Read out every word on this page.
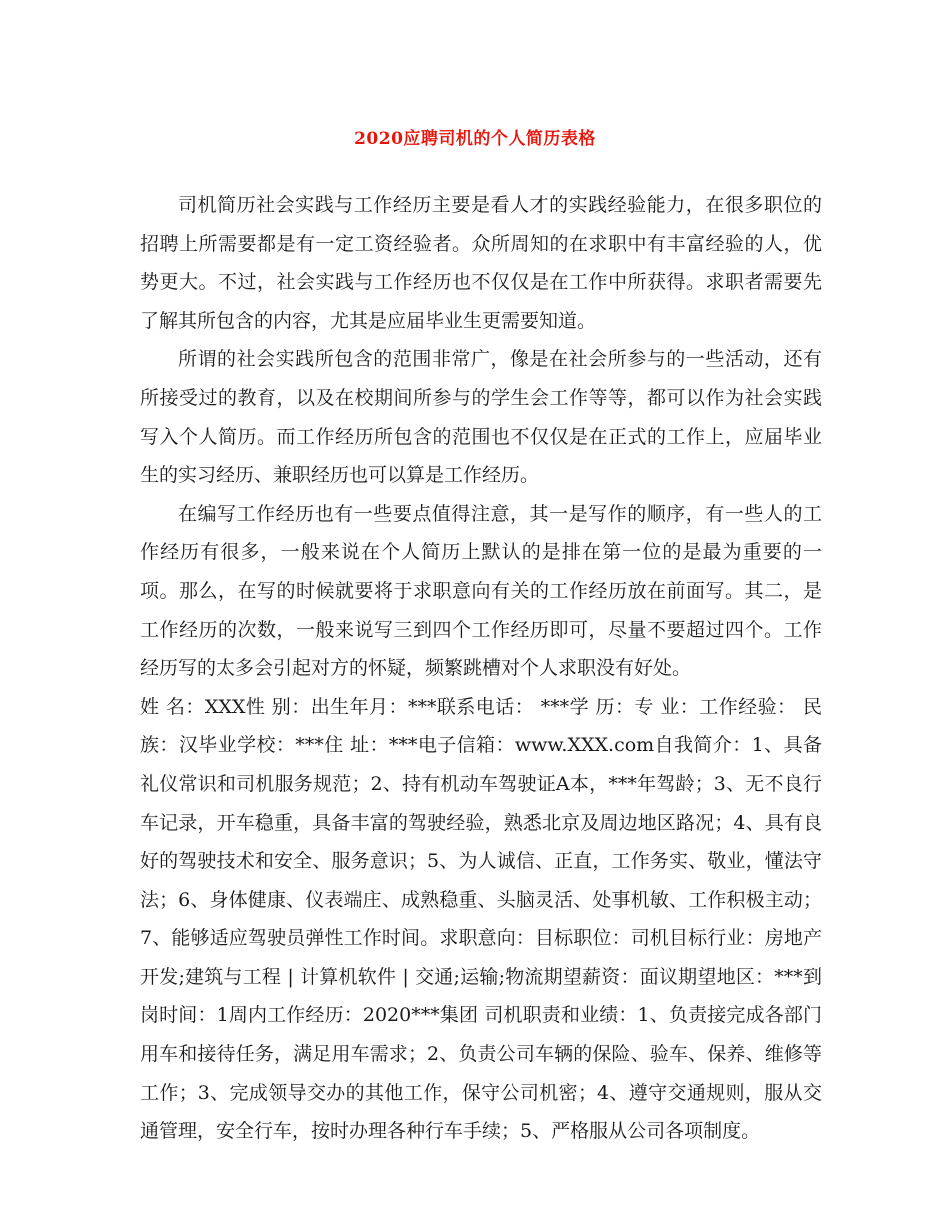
2020应聘司机的个人简历表格

司机简历社会实践与工作经历主要是看人才的实践经验能力，在很多职位的招聘上所需要都是有一定工资经验者。众所周知的在求职中有丰富经验的人，优势更大。不过，社会实践与工作经历也不仅仅是在工作中所获得。求职者需要先了解其所包含的内容，尤其是应届毕业生更需要知道。

所谓的社会实践所包含的范围非常广，像是在社会所参与的一些活动，还有所接受过的教育，以及在校期间所参与的学生会工作等等，都可以作为社会实践写入个人简历。而工作经历所包含的范围也不仅仅是在正式的工作上，应届毕业生的实习经历、兼职经历也可以算是工作经历。

在编写工作经历也有一些要点值得注意，其一是写作的顺序，有一些人的工作经历有很多，一般来说在个人简历上默认的是排在第一位的是最为重要的一项。那么，在写的时候就要将于求职意向有关的工作经历放在前面写。其二，是工作经历的次数，一般来说写三到四个工作经历即可，尽量不要超过四个。工作经历写的太多会引起对方的怀疑，频繁跳槽对个人求职没有好处。

姓 名：XXX性 别：出生年月：***联系电话： ***学 历：专 业：工作经验： 民族：汉毕业学校：***住 址：***电子信箱：www.XXX.com自我简介：1、具备礼仪常识和司机服务规范；2、持有机动车驾驶证A本，***年驾龄；3、无不良行车记录，开车稳重，具备丰富的驾驶经验，熟悉北京及周边地区路况；4、具有良好的驾驶技术和安全、服务意识；5、为人诚信、正直，工作务实、敬业，懂法守法；6、身体健康、仪表端庄、成熟稳重、头脑灵活、处事机敏、工作积极主动；7、能够适应驾驶员弹性工作时间。求职意向：目标职位：司机目标行业：房地产开发;建筑与工程 | 计算机软件 | 交通;运输;物流期望薪资：面议期望地区：***到岗时间：1周内工作经历：2020***集团 司机职责和业绩：1、负责接完成各部门用车和接待任务，满足用车需求；2、负责公司车辆的保险、验车、保养、维修等工作；3、完成领导交办的其他工作，保守公司机密；4、遵守交通规则，服从交通管理，安全行车，按时办理各种行车手续；5、严格服从公司各项制度。
